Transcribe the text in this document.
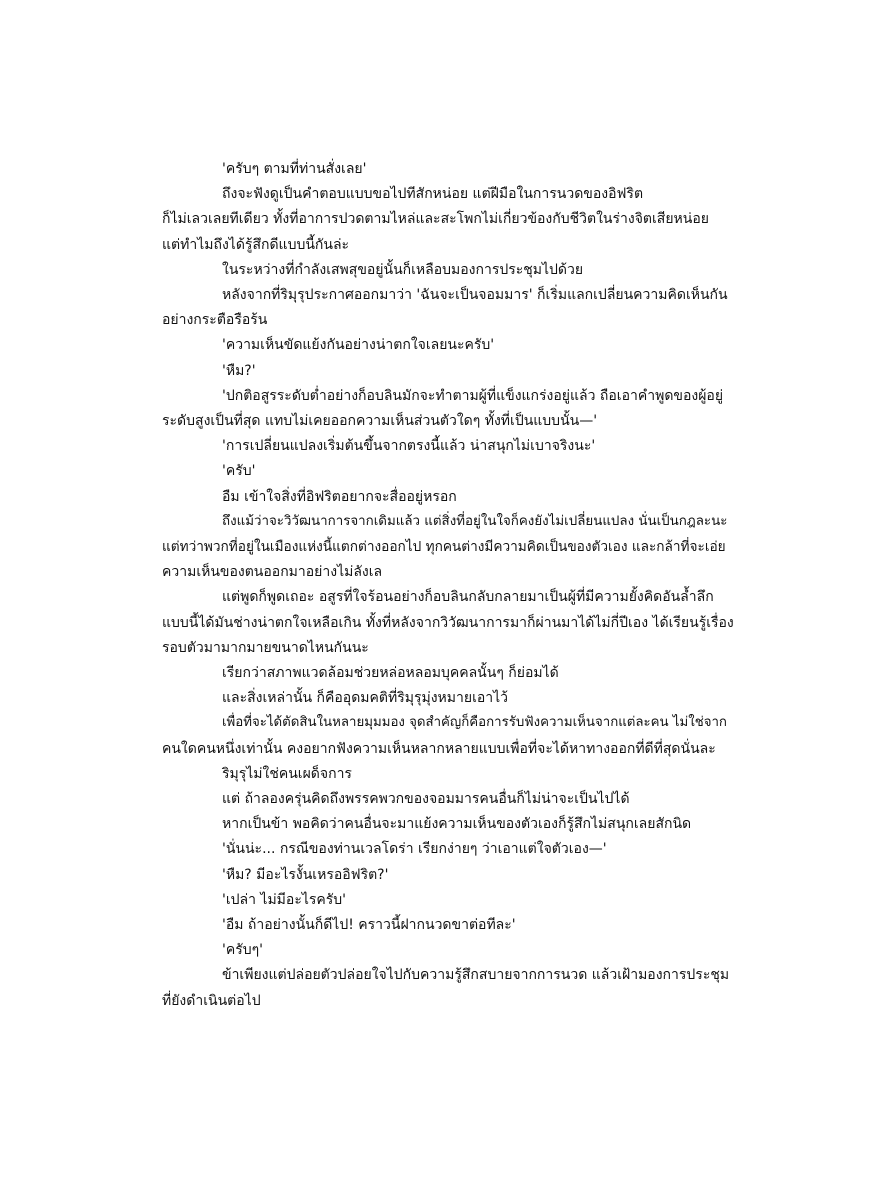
'ครับๆ ตามที่ท่านสั่งเลย'
ถึงจะฟังดูเป็นคำตอบแบบขอไปทีสักหน่อย แต่ฝีมือในการนวดของอิฟริต
ก็ไม่เลวเลยทีเดียว ทั้งที่อาการปวดตามไหล่และสะโพกไม่เกี่ยวข้องกับชีวิตในร่างจิตเสียหน่อย
แต่ทำไมถึงได้รู้สึกดีแบบนี้กันล่ะ
ในระหว่างที่กำลังเสพสุขอยู่นั้นก็เหลือบมองการประชุมไปด้วย
หลังจากที่ริมุรุประกาศออกมาว่า 'ฉันจะเป็นจอมมาร' ก็เริ่มแลกเปลี่ยนความคิดเห็นกัน
อย่างกระตือรือร้น
'ความเห็นขัดแย้งกันอย่างน่าตกใจเลยนะครับ'
'หืม?'
'ปกติอสูรระดับต่ำอย่างก็อบลินมักจะทำตามผู้ที่แข็งแกร่งอยู่แล้ว ถือเอาคำพูดของผู้อยู่
ระดับสูงเป็นที่สุด แทบไม่เคยออกความเห็นส่วนตัวใดๆ ทั้งที่เป็นแบบนั้น—'
'การเปลี่ยนแปลงเริ่มต้นขึ้นจากตรงนี้แล้ว น่าสนุกไม่เบาจริงนะ'
'ครับ'
อืม เข้าใจสิ่งที่อิฟริตอยากจะสื่ออยู่หรอก
ถึงแม้ว่าจะวิวัฒนาการจากเดิมแล้ว แต่สิ่งที่อยู่ในใจก็คงยังไม่เปลี่ยนแปลง นั่นเป็นกฎละนะ
แต่ทว่าพวกที่อยู่ในเมืองแห่งนี้แตกต่างออกไป ทุกคนต่างมีความคิดเป็นของตัวเอง และกล้าที่จะเอ่ย
ความเห็นของตนออกมาอย่างไม่ลังเล
แต่พูดก็พูดเถอะ อสูรที่ใจร้อนอย่างก็อบลินกลับกลายมาเป็นผู้ที่มีความยั้งคิดอันล้ำลึก
แบบนี้ได้มันช่างน่าตกใจเหลือเกิน ทั้งที่หลังจากวิวัฒนาการมาก็ผ่านมาได้ไม่กี่ปีเอง ได้เรียนรู้เรื่อง
รอบตัวมามากมายขนาดไหนกันนะ
เรียกว่าสภาพแวดล้อมช่วยหล่อหลอมบุคคลนั้นๆ ก็ย่อมได้
และสิ่งเหล่านั้น ก็คืออุดมคติที่ริมุรุมุ่งหมายเอาไว้
เพื่อที่จะได้ตัดสินในหลายมุมมอง จุดสำคัญก็คือการรับฟังความเห็นจากแต่ละคน ไม่ใช่จาก
คนใดคนหนึ่งเท่านั้น คงอยากฟังความเห็นหลากหลายแบบเพื่อที่จะได้หาทางออกที่ดีที่สุดนั่นละ
ริมุรุไม่ใช่คนเผด็จการ
แต่ ถ้าลองครุ่นคิดถึงพรรคพวกของจอมมารคนอื่นก็ไม่น่าจะเป็นไปได้
หากเป็นข้า พอคิดว่าคนอื่นจะมาแย้งความเห็นของตัวเองก็รู้สึกไม่สนุกเลยสักนิด
'นั่นน่ะ... กรณีของท่านเวลโดร่า เรียกง่ายๆ ว่าเอาแต่ใจตัวเอง—'
'หืม? มีอะไรงั้นเหรออิฟริต?'
'เปล่า ไม่มีอะไรครับ'
'อืม ถ้าอย่างนั้นก็ดีไป! คราวนี้ฝากนวดขาต่อทีละ'
'ครับๆ'
ข้าเพียงแต่ปล่อยตัวปล่อยใจไปกับความรู้สึกสบายจากการนวด แล้วเฝ้ามองการประชุม
ที่ยังดำเนินต่อไป
